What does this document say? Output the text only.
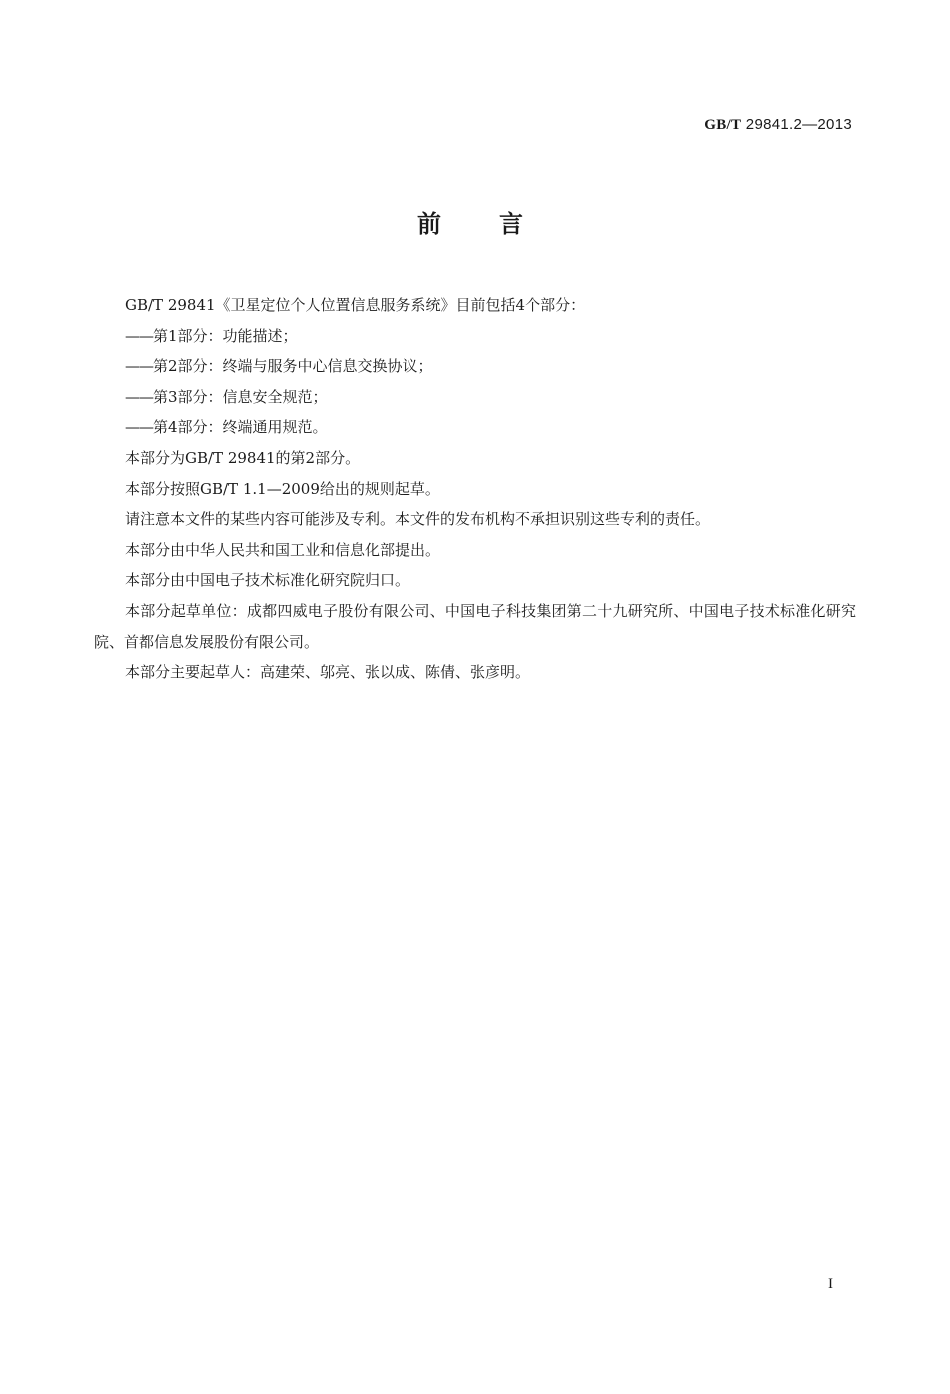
GB/T 29841.2—2013
前言

GB/T 29841《卫星定位个人位置信息服务系统》目前包括4个部分：

——第1部分：功能描述；

——第2部分：终端与服务中心信息交换协议；

——第3部分：信息安全规范；

——第4部分：终端通用规范。

本部分为GB/T 29841的第2部分。

本部分按照GB/T 1.1—2009给出的规则起草。

请注意本文件的某些内容可能涉及专利。本文件的发布机构不承担识别这些专利的责任。

本部分由中华人民共和国工业和信息化部提出。

本部分由中国电子技术标准化研究院归口。

本部分起草单位：成都四威电子股份有限公司、中国电子科技集团第二十九研究所、中国电子技术标准化研究院、首都信息发展股份有限公司。

本部分主要起草人：高建荣、邬亮、张以成、陈倩、张彦明。

I
